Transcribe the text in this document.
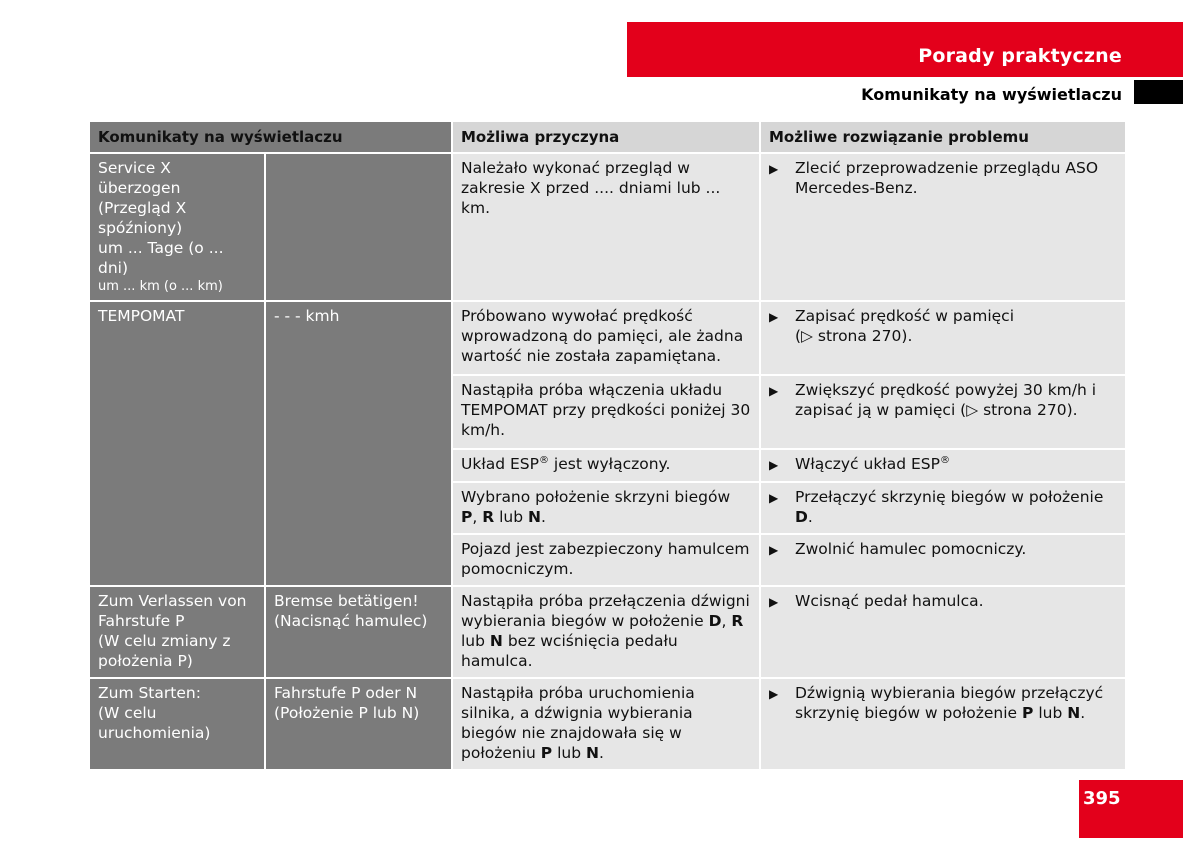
Porady praktyczne
Komunikaty na wyświetlaczu
Komunikaty na wyświetlaczu		Możliwa przyczyna	Możliwe rozwiązanie problemu

Service X überzogen
(Przegląd X
spóźniony)
um ... Tage (o ... dni)
um ... km (o ... km)		Należało wykonać przegląd w zakresie X przed .... dniami lub ... km.	▶ Zlecić przeprowadzenie przeglądu ASO Mercedes-Benz.

TEMPOMAT	- - - kmh	Próbowano wywołać prędkość wprowadzoną do pamięci, ale żadna wartość nie została zapamiętana.	▶ Zapisać prędkość w pamięci
(▷ strona 270).

		Nastąpiła próba włączenia układu TEMPOMAT przy prędkości poniżej 30 km/h.	▶ Zwiększyć prędkość powyżej 30 km/h i zapisać ją w pamięci (▷ strona 270).

		Układ ESP® jest wyłączony.	▶ Włączyć układ ESP®

		Wybrano położenie skrzyni biegów P, R lub N.	▶ Przełączyć skrzynię biegów w położenie D.

		Pojazd jest zabezpieczony hamulcem pomocniczym.	▶ Zwolnić hamulec pomocniczy.

Zum Verlassen von
Fahrstufe P
(W celu zmiany z
położenia P)	Bremse betätigen!
(Nacisnąć hamulec)	Nastąpiła próba przełączenia dźwigni wybierania biegów w położenie D, R lub N bez wciśnięcia pedału hamulca.	▶ Wcisnąć pedał hamulca.

Zum Starten:
(W celu
uruchomienia)	Fahrstufe P oder N
(Położenie P lub N)	Nastąpiła próba uruchomienia silnika, a dźwignia wybierania biegów nie znajdowała się w położeniu P lub N.	▶ Dźwignią wybierania biegów przełączyć skrzynię biegów w położenie P lub N.
395
